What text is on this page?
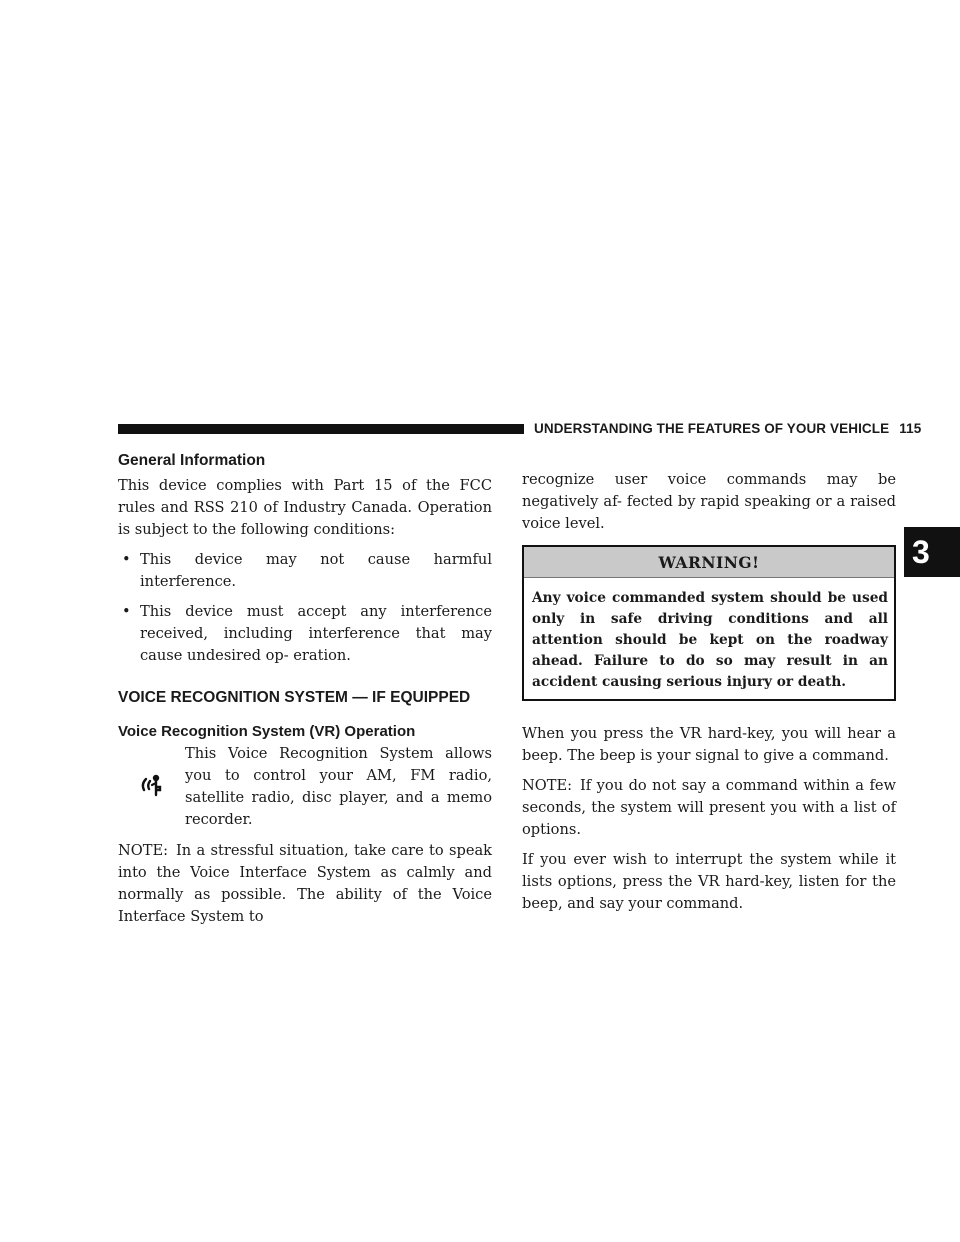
UNDERSTANDING THE FEATURES OF YOUR VEHICLE 115
3
General Information

This device complies with Part 15 of the FCC rules and RSS 210 of Industry Canada. Operation is subject to the following conditions:

• This device may not cause harmful interference.
• This device must accept any interference received, including interference that may cause undesired op- eration.
VOICE RECOGNITION SYSTEM — IF EQUIPPED
Voice Recognition System (VR) Operation

This Voice Recognition System allows you to control your AM, FM radio, satellite radio, disc player, and a memo recorder.

NOTE: In a stressful situation, take care to speak into the Voice Interface System as calmly and normally as possible. The ability of the Voice Interface System to

recognize user voice commands may be negatively af- fected by rapid speaking or a raised voice level.

WARNING!
Any voice commanded system should be used only in safe driving conditions and all attention should be kept on the roadway ahead. Failure to do so may result in an accident causing serious injury or death.

When you press the VR hard-key, you will hear a beep. The beep is your signal to give a command.

NOTE: If you do not say a command within a few seconds, the system will present you with a list of options.

If you ever wish to interrupt the system while it lists options, press the VR hard-key, listen for the beep, and say your command.
